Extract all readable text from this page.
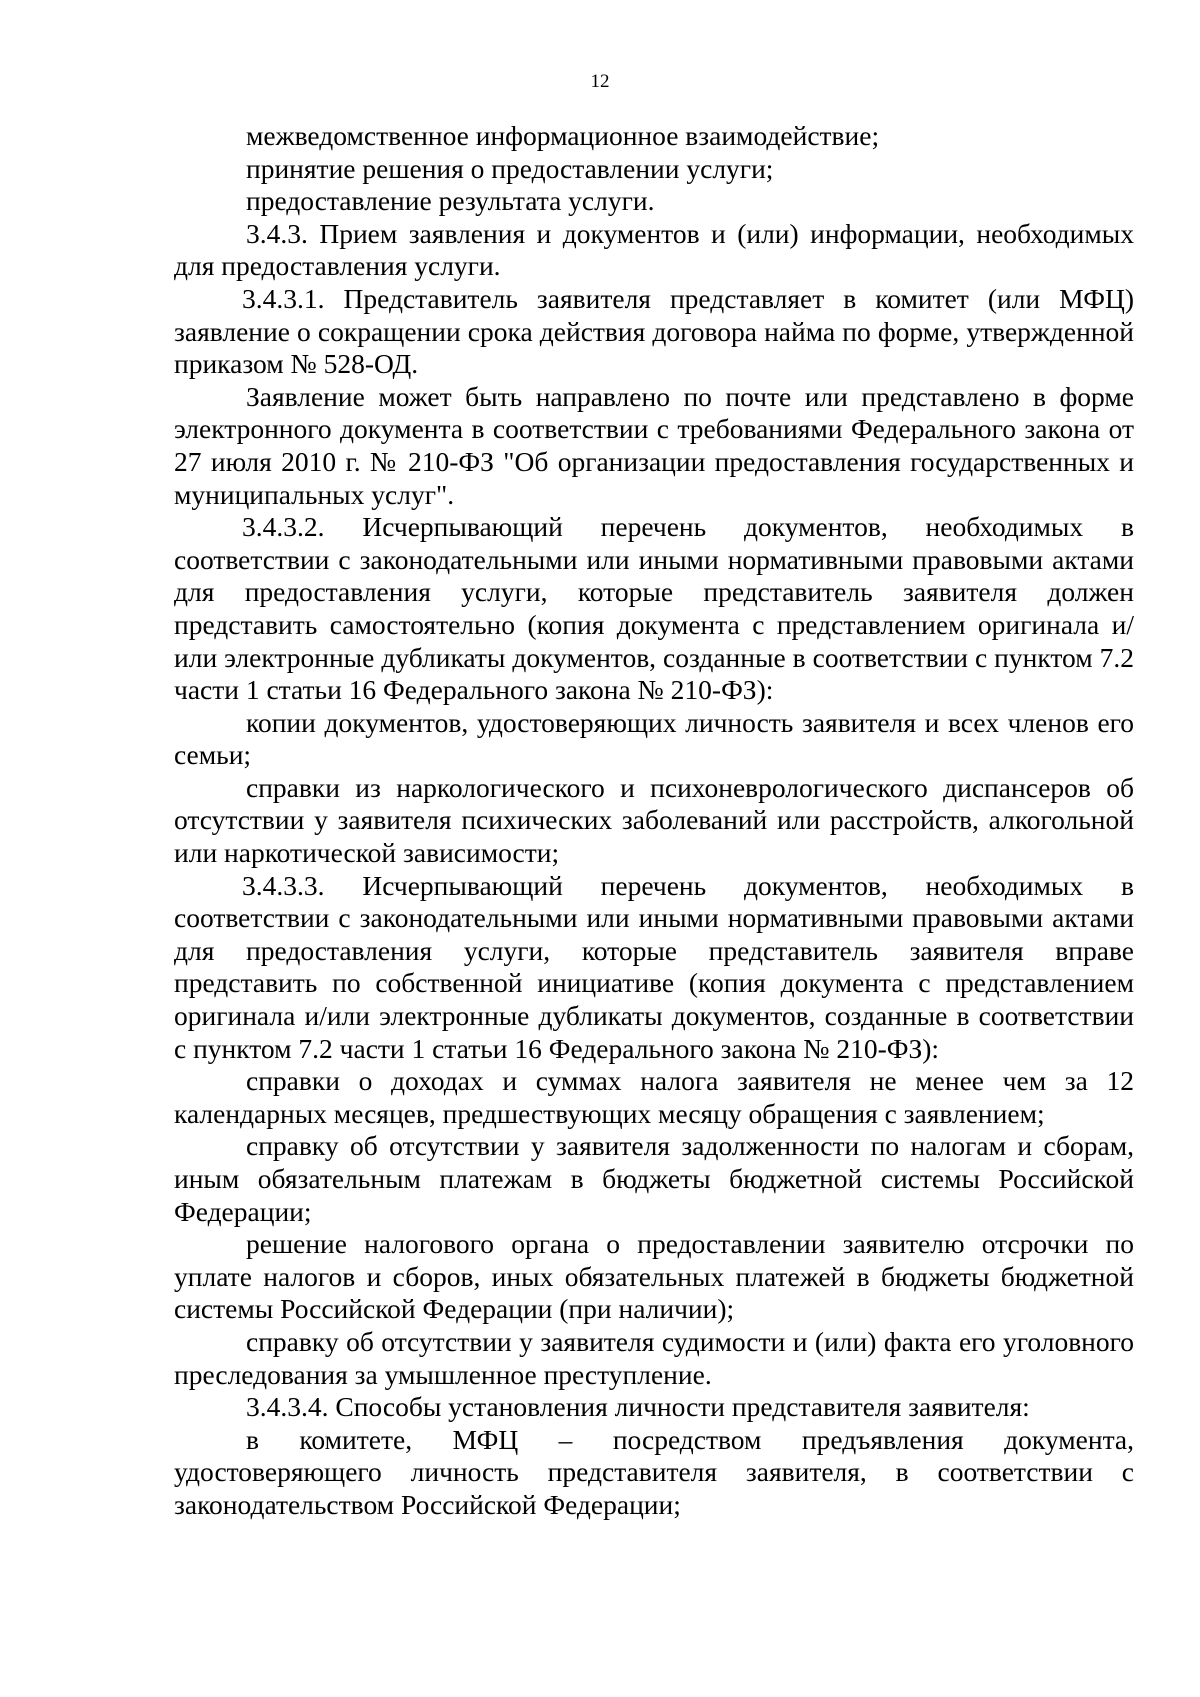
12

межведомственное информационное взаимодействие;

принятие решения о предоставлении услуги;

предоставление результата услуги.

3.4.3. Прием заявления и документов и (или) информации, необходимых для предоставления услуги.

3.4.3.1. Представитель заявителя представляет в комитет (или МФЦ) заявление о сокращении срока действия договора найма по форме, утвержденной приказом № 528-ОД.

Заявление может быть направлено по почте или представлено в форме электронного документа в соответствии с требованиями Федерального закона от 27 июля 2010 г. № 210-ФЗ "Об организации предоставления государственных и муниципальных услуг".

3.4.3.2. Исчерпывающий перечень документов, необходимых в соответствии с законодательными или иными нормативными правовыми актами для предоставления услуги, которые представитель заявителя должен представить самостоятельно (копия документа с представлением оригинала и/или электронные дубликаты документов, созданные в соответствии с пунктом 7.2 части 1 статьи 16 Федерального закона № 210-ФЗ):

копии документов, удостоверяющих личность заявителя и всех членов его семьи;

справки из наркологического и психоневрологического диспансеров об отсутствии у заявителя психических заболеваний или расстройств, алкогольной или наркотической зависимости;

3.4.3.3. Исчерпывающий перечень документов, необходимых в соответствии с законодательными или иными нормативными правовыми актами для предоставления услуги, которые представитель заявителя вправе представить по собственной инициативе (копия документа с представлением оригинала и/или электронные дубликаты документов, созданные в соответствии с пунктом 7.2 части 1 статьи 16 Федерального закона № 210-ФЗ):

справки о доходах и суммах налога заявителя не менее чем за 12 календарных месяцев, предшествующих месяцу обращения с заявлением;

справку об отсутствии у заявителя задолженности по налогам и сборам, иным обязательным платежам в бюджеты бюджетной системы Российской Федерации;

решение налогового органа о предоставлении заявителю отсрочки по уплате налогов и сборов, иных обязательных платежей в бюджеты бюджетной системы Российской Федерации (при наличии);

справку об отсутствии у заявителя судимости и (или) факта его уголовного преследования за умышленное преступление.

3.4.3.4. Способы установления личности представителя заявителя:

в комитете, МФЦ – посредством предъявления документа, удостоверяющего личность представителя заявителя, в соответствии с законодательством Российской Федерации;
